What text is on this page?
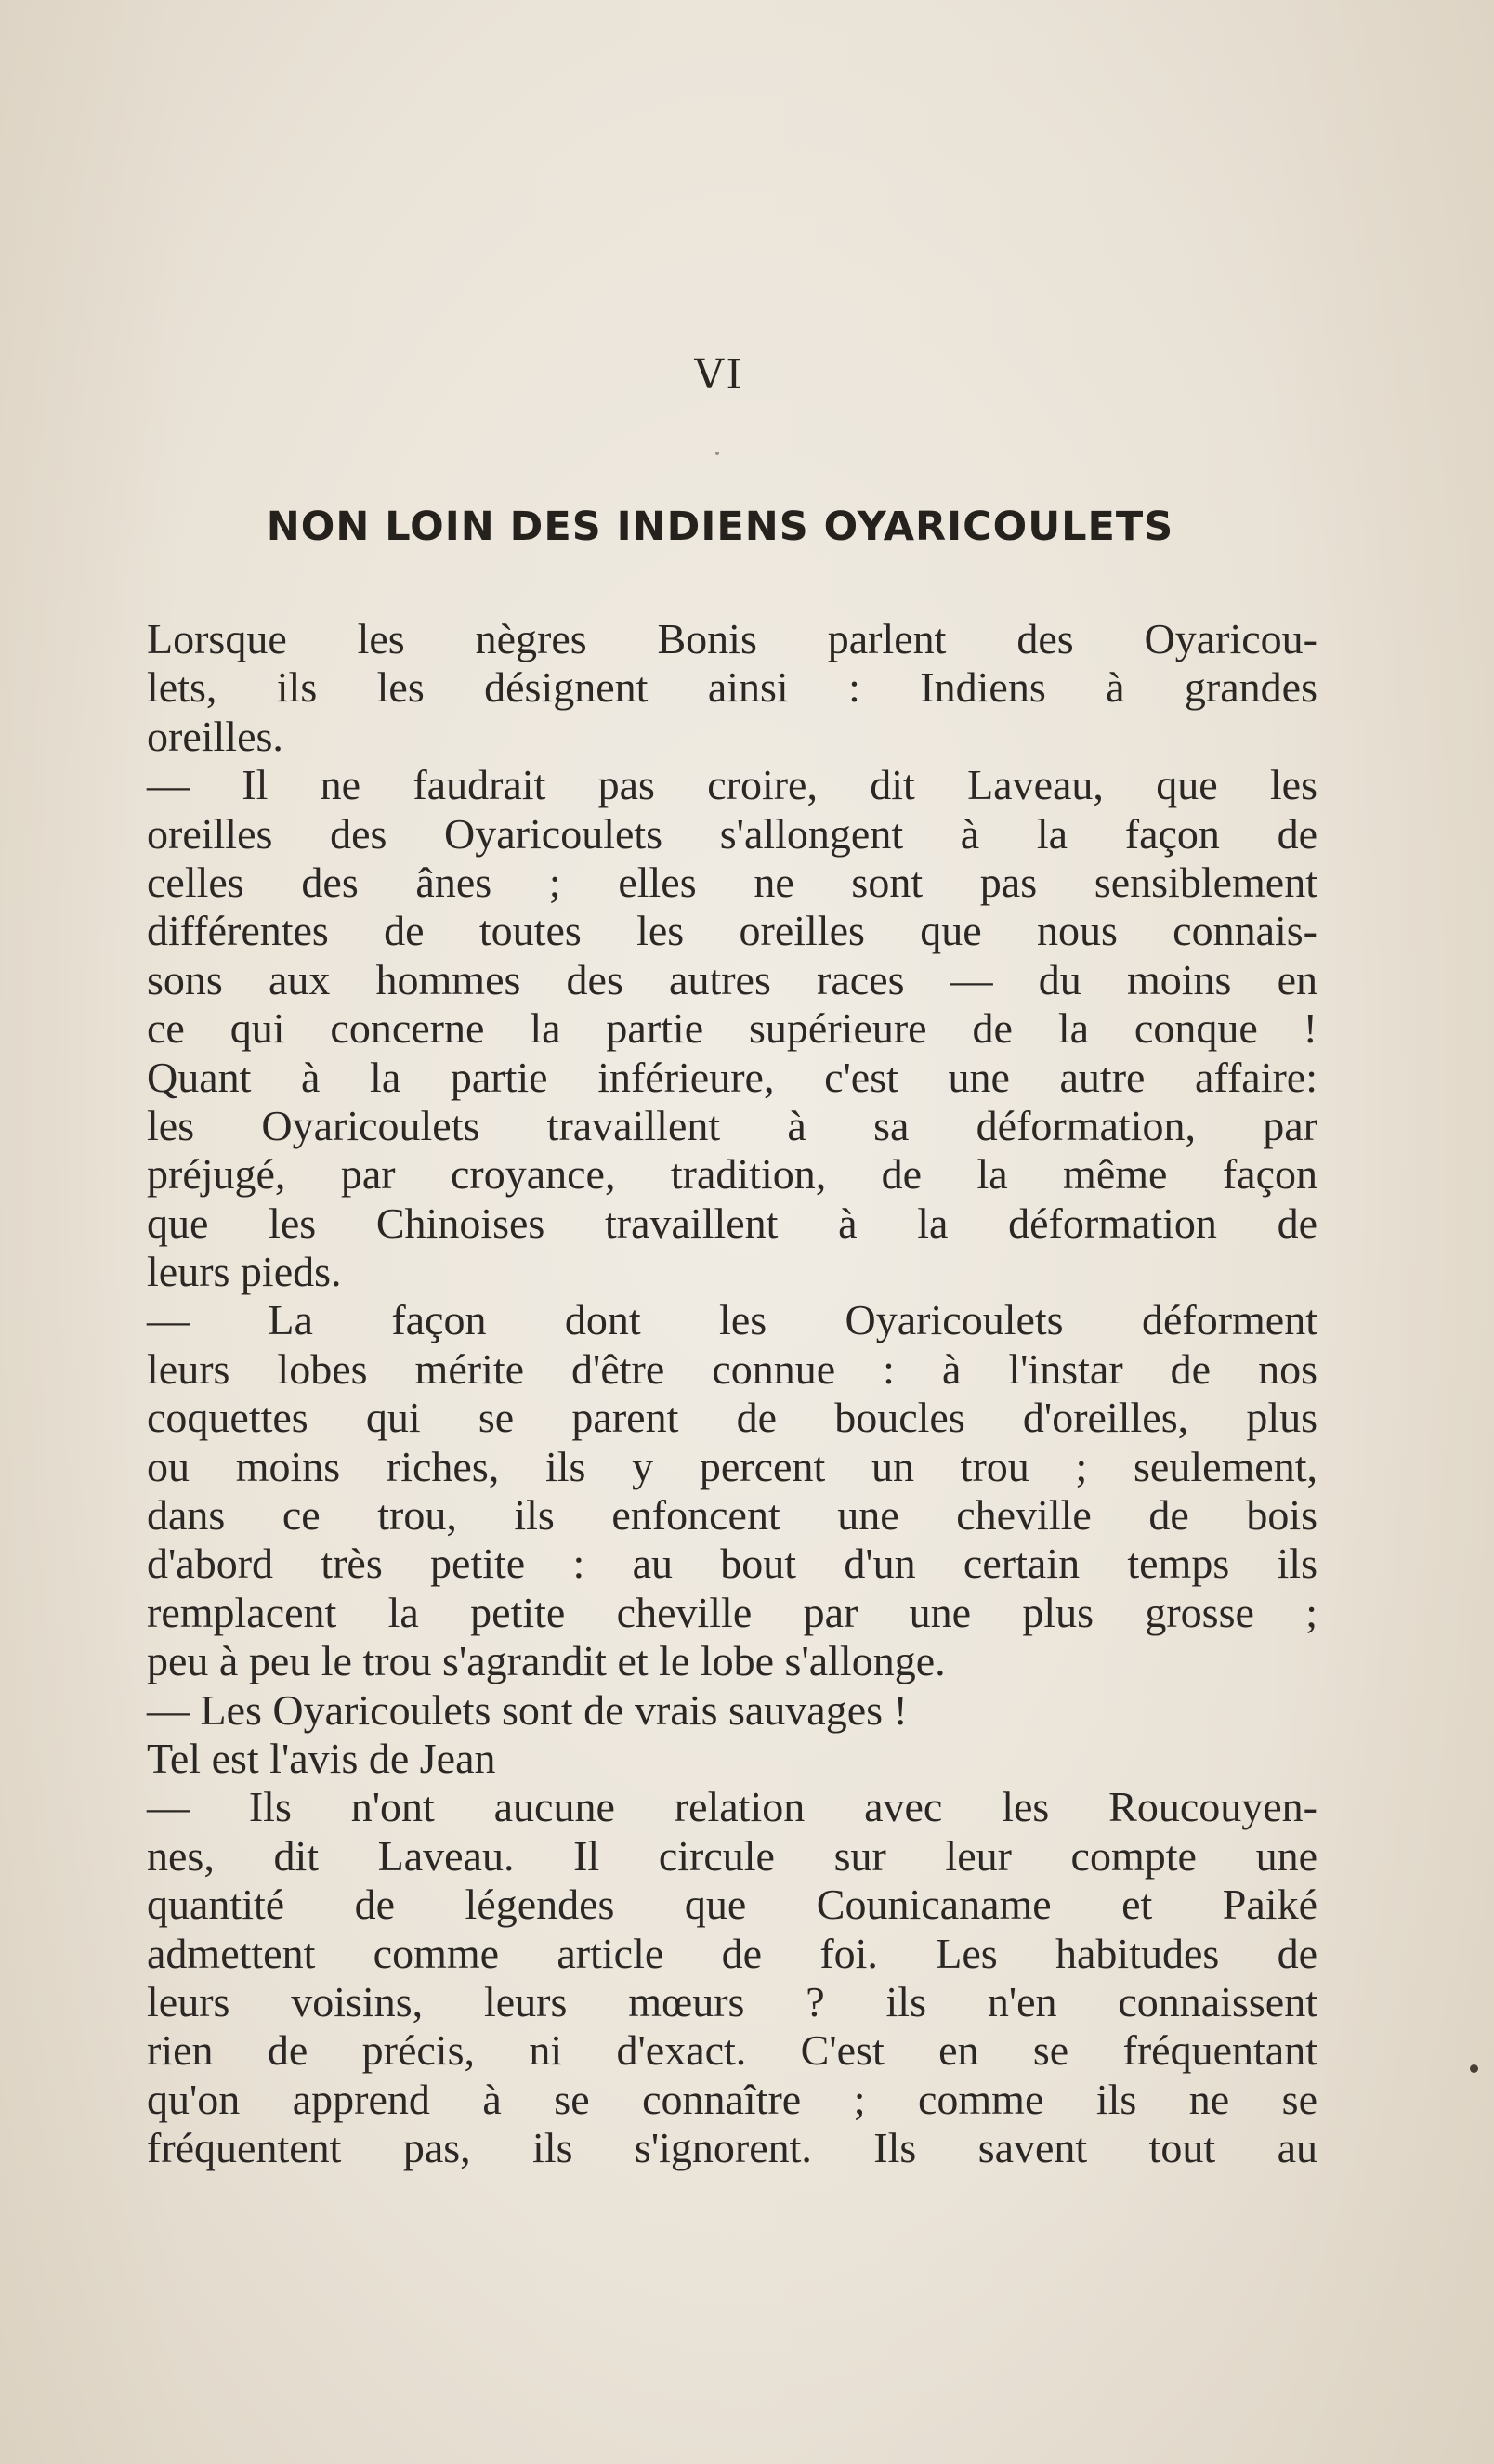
VI
NON LOIN DES INDIENS OYARICOULETS
Lorsque les nègres Bonis parlent des Oyaricou-
lets, ils les désignent ainsi : Indiens à grandes
oreilles.
— Il ne faudrait pas croire, dit Laveau, que les
oreilles des Oyaricoulets s'allongent à la façon de
celles des ânes ; elles ne sont pas sensiblement
différentes de toutes les oreilles que nous connais-
sons aux hommes des autres races — du moins en
ce qui concerne la partie supérieure de la conque !
Quant à la partie inférieure, c'est une autre affaire:
les Oyaricoulets travaillent à sa déformation, par
préjugé, par croyance, tradition, de la même façon
que les Chinoises travaillent à la déformation de
leurs pieds.
— La façon dont les Oyaricoulets déforment
leurs lobes mérite d'être connue : à l'instar de nos
coquettes qui se parent de boucles d'oreilles, plus
ou moins riches, ils y percent un trou ; seulement,
dans ce trou, ils enfoncent une cheville de bois
d'abord très petite : au bout d'un certain temps ils
remplacent la petite cheville par une plus grosse ;
peu à peu le trou s'agrandit et le lobe s'allonge.
— Les Oyaricoulets sont de vrais sauvages !
Tel est l'avis de Jean
— Ils n'ont aucune relation avec les Roucouyen-
nes, dit Laveau. Il circule sur leur compte une
quantité de légendes que Counicaname et Paiké
admettent comme article de foi. Les habitudes de
leurs voisins, leurs mœurs ? ils n'en connaissent
rien de précis, ni d'exact. C'est en se fréquentant
qu'on apprend à se connaître ; comme ils ne se
fréquentent pas, ils s'ignorent. Ils savent tout au
